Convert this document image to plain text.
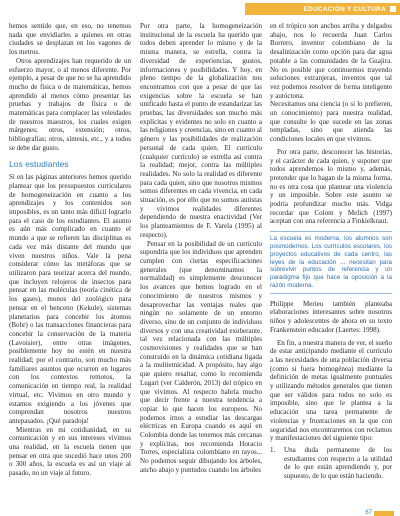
EDUCACIÓN Y CULTURA

hemos sentido que, en eso, no tenemos nada que envidiarles a quienes en otras ciudades se desplazan en los vagones de los metros.

Otros aprendizajes han requerido de un esfuerzo mayor, o al menos diferente. Por ejemplo, a pesar de que no se ha aprendido mucho de física o de matemáticas, hemos aprendido al menos cómo presentar las pruebas y trabajos de física o de matemáticas para complacer las veleidades de nuestros maestros, los cuales exigen márgenes; otros, extensión; otros, bibliografías; otros, síntesis, etc., y a todos se debe dar gusto.

Los estudiantes

Si en las páginas anteriores hemos querido plantear que los presupuestos curriculares de homogeneización en cuanto a los aprendizajes y los contenidos son imposibles, es un tanto más difícil lograrlo para el caso de los estudiantes. El asunto es aún más complicado en cuanto el mundo a que se refieren las disciplinas es cada vez más distante del mundo que viven nuestros niños. Vale la pena considerar cómo las metáforas que se utilizaron para teorizar acerca del mundo, que incluyen relojeros de insectos para pensar en las moléculas (teoría cinética de los gases), monos del zoológico para pensar en el benceno (Kekule), sistemas planetarios para concebir los átomos (Bohr) o las transacciones financieras para concebir la conservación de la materia (Lavoisier), entre otras imágenes, posiblemente hoy no estén en nuestra realidad; por el contrario, son mucho más familiares asuntos que ocurren en lugares con los contextos remotos, la comunicación en tiempo real, la realidad virtual, etc. Vivimos en otro mundo y estamos exigiendo a los jóvenes que comprendan nosotros nuestros antepasados. ¡Qué paradoja!

Mientras en mi cotidianidad, en su comunicación y en sus intereses vivimos una realidad, en la escuela tienen que pensar en otra que sucedió hace unos 200 o 300 años, la escuela es así un viaje al pasado, no un viaje al futuro.

Por otra parte, la homogeneización institucional de la escuela ha querido que todos deben aprender lo mismo y de la misma manera, se estrella, contra la diversidad de experiencias, gustos, informaciones y posibilidades. Y hoy, en pleno tiempo de la globalización nos encontramos con que a pesar de que las exigencias sobre la escuela se han unificado hasta el punto de estandarizar las pruebas, las diversidades son mucho más explícitas y evidentes no solo en cuanto a las religiones y creencias, sino en cuanto al género y las posibilidades de realización personal de cada quien. El currículo (cualquier currículo) se estrella así contra la realidad; mejor, contra las múltiples realidades. No solo la realidad es diferente para cada quien, sino que nosotros mismos somos diferentes en cada vivencia, en cada situación, es por ello que no somos autistas y vivimos realidades diferentes dependiendo de nuestra enactividad (Ver los planteamientos de F. Varela (1995) al respecto).

Pensar en la posibilidad de un currículo supondría que los individuos que aprenden cumplen con ciertas especificaciones generales (que denominamos la normalidad) es simplemente desconocer los avances que hemos logrado en el conocimiento de nuestros mismos y desaprovechar las ventajas reales que ningún no solamente de un entorno diverso, sino de un conjunto de individuos diversos y con una creatividad exuberante, tal vez relacionada con las múltiples cosmovisiones y realidades que se han construido en la dinámica cotidiana ligada a la multietnicidad. A propósito, hay algo que quiero resaltar, como lo recomienda Lugari (ver Calderón, 2013) del trópico en que vivimos. Al respecto habría mucho que decir frente a nuestra tendencia a copiar lo que hacen los europeos. No podemos irnos a estudiar las descargas eléctricas en Europa cuando es aquí en Colombia donde las tenemos más cercanas y explícitas, nos recomienda Horacio Torres, especialista colombiano en rayos... No podemos seguir dibujando los árboles, ancho abajo y puntudos cuando los árboles

en el trópico son anchos arriba y delgados abajo, nos lo recuerda Juan Carlos Borrero, inventor colombiano de la desalinización como opción para dar agua potable a las comunidades de la Guajira. No es posible que continuemos trayendo soluciones extranjeras, inventos que tal vez podemos resolver de forma inteligente y autóctona.

Necesitamos una ciencia (o si lo prefieren, un conocimiento) para nuestra realidad, que consulte lo que sucede en las zonas templadas, sino que atienda las condiciones locales en que vivimos.

Por otra parte, desconocer las historias, y el carácter de cada quien, y suponer que todos aprendemos lo mismo y, además, pretender que lo hagan de la misma forma, no es otra cosa que plantear una violencia y un imposible. Sobre este asunto se podría profundizar mucho más. Vidga recordar que Colom y Melich (1997) aceptan con una referencia a Finkielkraut.

La escuela es moderna, los alumnos son posmodernos. Los currículos escolares, los proyectos educativos de cada centro, las leyes de la educación ... necesitan para sobrevivir puntos de referencia y un paradigma fijo que hace la oposición a la razón moderna.

Philippe Merieu también planteaba elaboraciones interesantes sobre nosotros niños y adolescentes de ahora en su texto Frankenstein educador (Laertes: 1998).

En fin, a nuestra manera de ver, el sueño de estar anticipando mediante el currículo a las necesidades de una población diversa (como si fuera homogénea) mediante la definición de metas igualmente puntuales y utilizando métodos generales que tienen que ser válidos para todos no solo es imposible, sino que le plantea a la educación una tarea permanente de violencias y frustraciones en la que con seguridad nos encontraremos con reclamos y manifestaciones del siguiente tipo:

1.	Una duda permanente de los estudiantes con respecto a la utilidad de lo que están aprendiendo y, por supuesto, de lo que están haciendo.
67
